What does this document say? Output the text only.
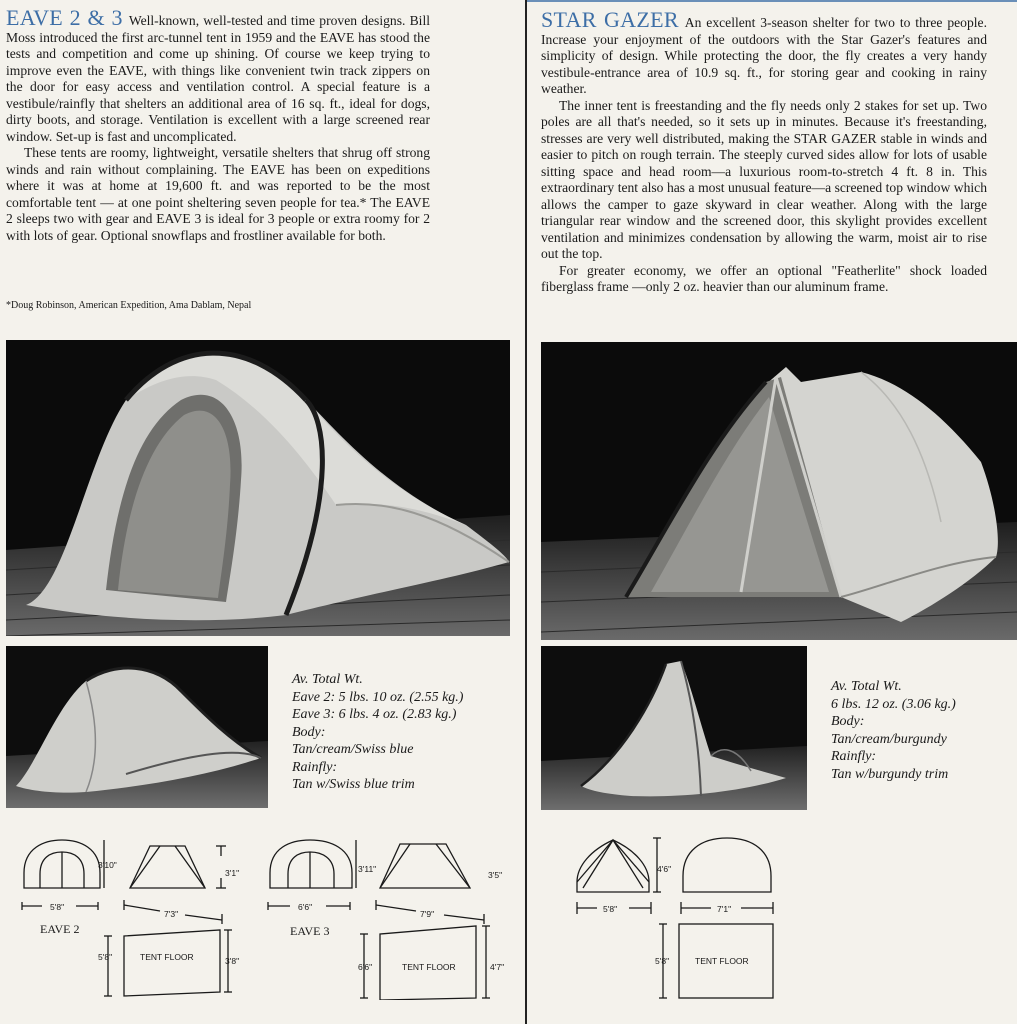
EAVE 2 & 3 Well-known, well-tested and time proven designs. Bill Moss introduced the first arc-tunnel tent in 1959 and the EAVE has stood the tests and competition and come up shining. Of course we keep trying to improve even the EAVE, with things like convenient twin track zippers on the door for easy access and ventilation control. A special feature is a vestibule/rainfly that shelters an additional area of 16 sq. ft., ideal for dogs, dirty boots, and storage. Ventilation is excellent with a large screened rear window. Set-up is fast and uncomplicated.

These tents are roomy, lightweight, versatile shelters that shrug off strong winds and rain without complaining. The EAVE has been on expeditions where it was at home at 19,600 ft. and was reported to be the most comfortable tent — at one point sheltering seven people for tea.* The EAVE 2 sleeps two with gear and EAVE 3 is ideal for 3 people or extra roomy for 2 with lots of gear. Optional snowflaps and frostliner available for both.

*Doug Robinson, American Expedition, Ama Dablam, Nepal
Av. Total Wt.
Eave 2: 5 lbs. 10 oz. (2.55 kg.)
Eave 3: 6 lbs. 4 oz. (2.83 kg.)
Body:
Tan/cream/Swiss blue
Rainfly:
Tan w/Swiss blue trim
3'10"
3'1"
5'8"
7'3"
EAVE 2
5'8"	TENT FLOOR	3'8"
3'11"
3'5"
6'6"
7'9"
EAVE 3
6'6"	TENT FLOOR	4'7"

STAR GAZER An excellent 3-season shelter for two to three people. Increase your enjoyment of the outdoors with the Star Gazer's features and simplicity of design. While protecting the door, the fly creates a very handy vestibule-entrance area of 10.9 sq. ft., for storing gear and cooking in rainy weather.

The inner tent is freestanding and the fly needs only 2 stakes for set up. Two poles are all that's needed, so it sets up in minutes. Because it's freestanding, stresses are very well distributed, making the STAR GAZER stable in winds and easier to pitch on rough terrain. The steeply curved sides allow for lots of usable sitting space and head room—a luxurious room-to-stretch 4 ft. 8 in. This extraordinary tent also has a most unusual feature—a screened top window which allows the camper to gaze skyward in clear weather. Along with the large triangular rear window and the screened door, this skylight provides excellent ventilation and minimizes condensation by allowing the warm, moist air to rise out the top.

For greater economy, we offer an optional "Featherlite" shock loaded fiberglass frame —only 2 oz. heavier than our aluminum frame.

Av. Total Wt.
6 lbs. 12 oz. (3.06 kg.)
Body:
Tan/cream/burgundy
Rainfly:
Tan w/burgundy trim
4'6"
5'8"	7'1"
5'8"	TENT FLOOR
